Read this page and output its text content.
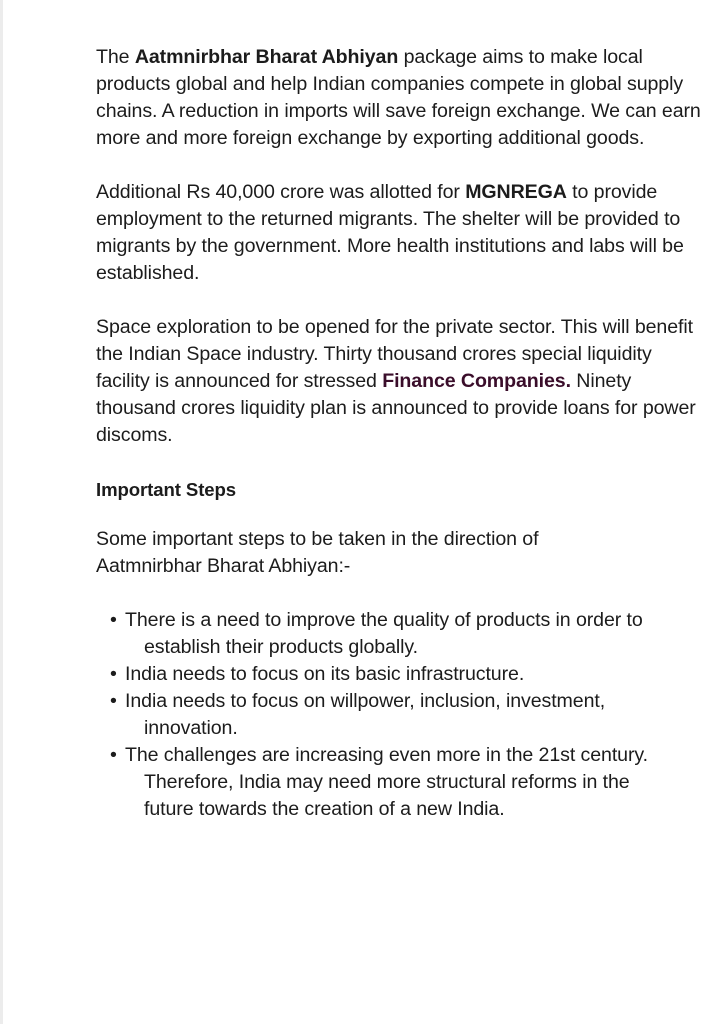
The Aatmnirbhar Bharat Abhiyan package aims to make local products global and help Indian companies compete in global supply chains. A reduction in imports will save foreign exchange. We can earn more and more foreign exchange by exporting additional goods.

Additional Rs 40,000 crore was allotted for MGNREGA to provide employment to the returned migrants. The shelter will be provided to migrants by the government. More health institutions and labs will be established.

Space exploration to be opened for the private sector. This will benefit the Indian Space industry. Thirty thousand crores special liquidity facility is announced for stressed Finance Companies. Ninety thousand crores liquidity plan is announced to provide loans for power discoms.

Important Steps

Some important steps to be taken in the direction of Aatmnirbhar Bharat Abhiyan:-

• There is a need to improve the quality of products in order to establish their products globally.
• India needs to focus on its basic infrastructure.
• India needs to focus on willpower, inclusion, investment, innovation.
• The challenges are increasing even more in the 21st century. Therefore, India may need more structural reforms in the future towards the creation of a new India.
